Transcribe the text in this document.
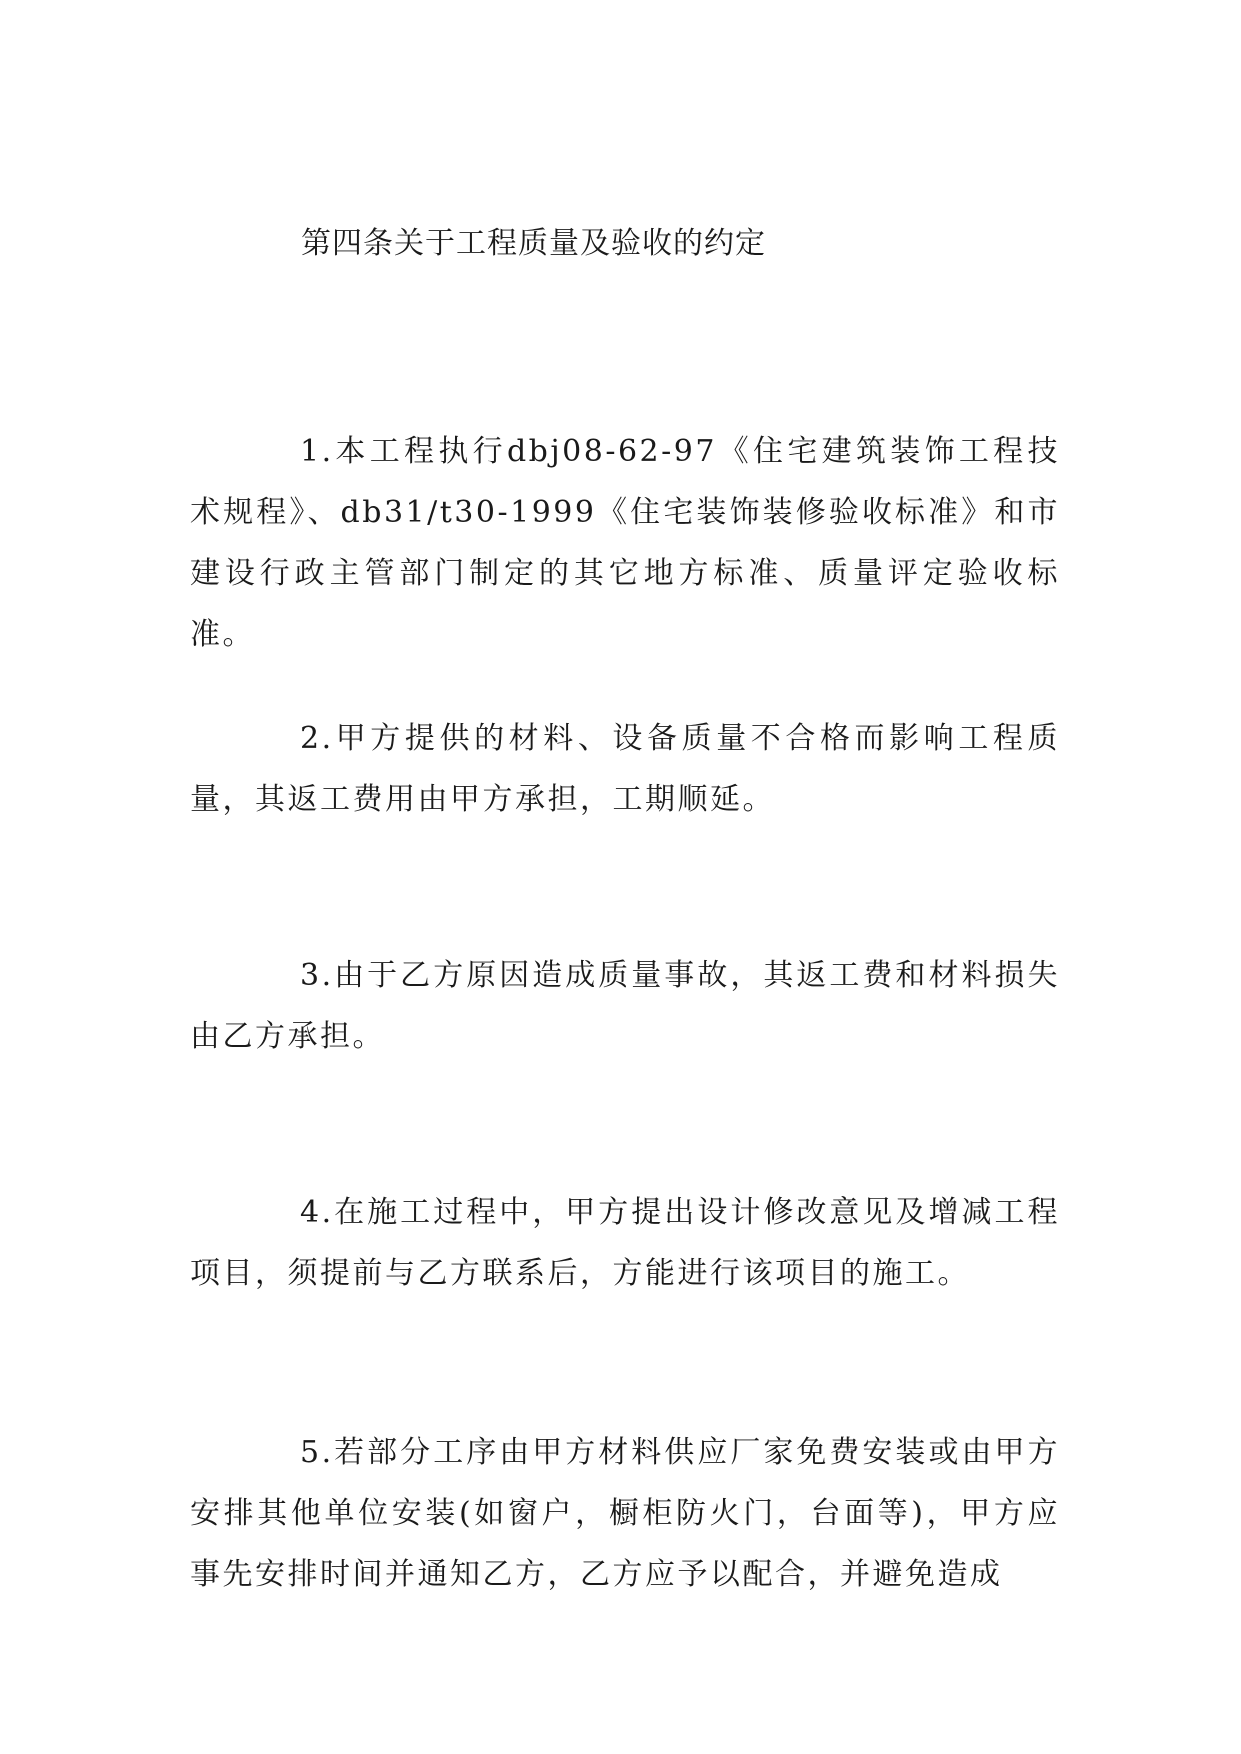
第四条关于工程质量及验收的约定

1.本工程执行dbj08-62-97《住宅建筑装饰工程技术规程》、db31/t30-1999《住宅装饰装修验收标准》和市建设行政主管部门制定的其它地方标准、质量评定验收标准。

2.甲方提供的材料、设备质量不合格而影响工程质量，其返工费用由甲方承担，工期顺延。

3.由于乙方原因造成质量事故，其返工费和材料损失由乙方承担。

4.在施工过程中，甲方提出设计修改意见及增减工程项目，须提前与乙方联系后，方能进行该项目的施工。

5.若部分工序由甲方材料供应厂家免费安装或由甲方安排其他单位安装(如窗户，橱柜防火门，台面等)，甲方应事先安排时间并通知乙方，乙方应予以配合，并避免造成
